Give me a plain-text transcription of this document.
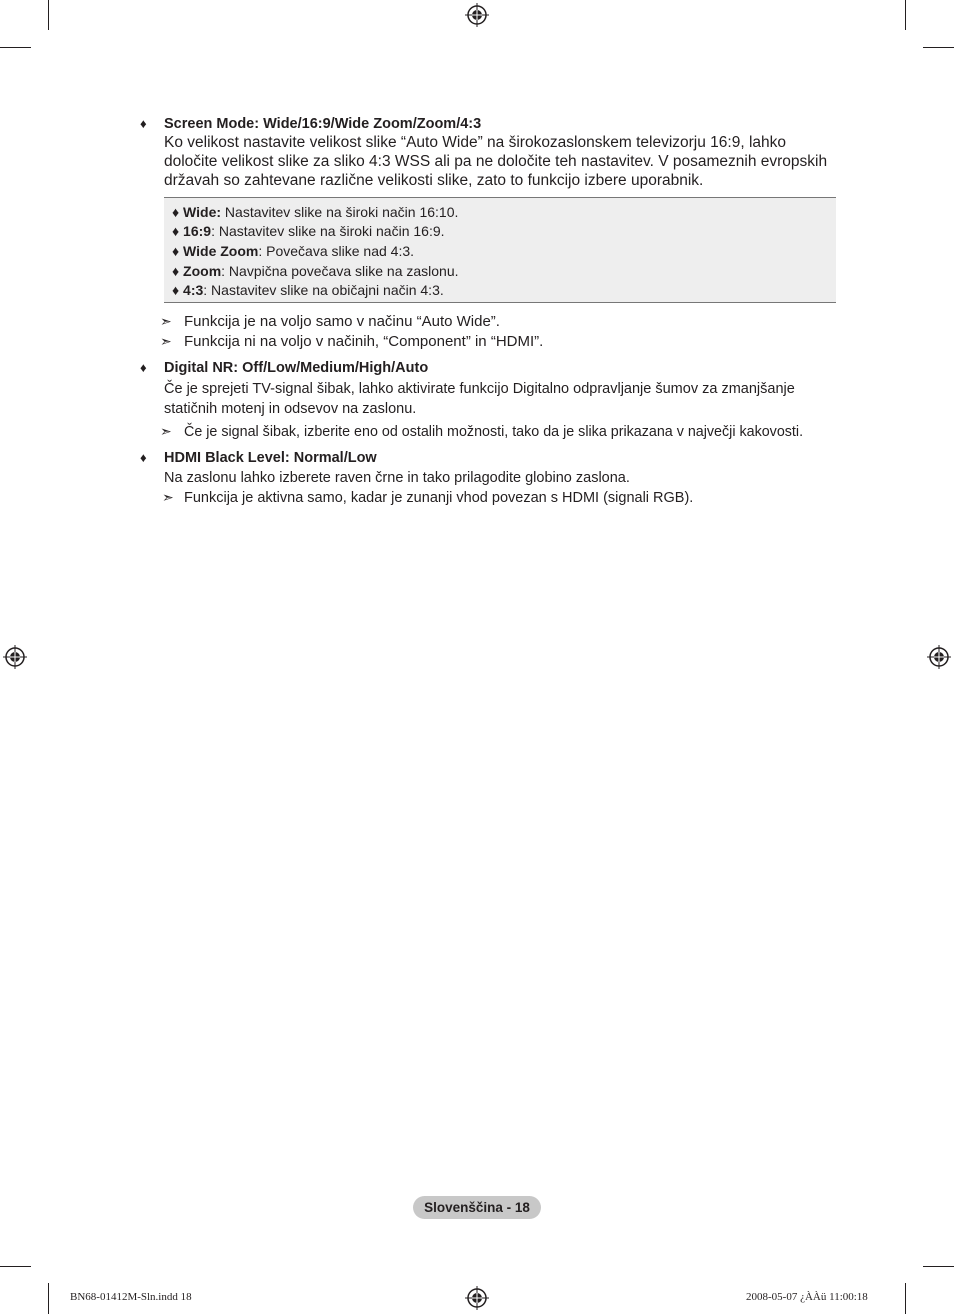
♦ Screen Mode: Wide/16:9/Wide Zoom/Zoom/4:3
Ko velikost nastavite velikost slike “Auto Wide” na širokozaslonskem televizorju 16:9, lahko
določite velikost slike za sliko 4:3 WSS ali pa ne določite teh nastavitev. V posameznih evropskih
državah so zahtevane različne velikosti slike, zato to funkcijo izbere uporabnik.
➣ Funkcija je na voljo samo v načinu “Auto Wide”.
➣ Funkcija ni na voljo v načinih, “Component” in “HDMI”.
♦ Wide: Nastavitev slike na široki način 16:10.
♦ 16:9: Nastavitev slike na široki način 16:9.
♦ Wide Zoom: Povečava slike nad 4:3.
♦ Zoom: Navpična povečava slike na zaslonu.
♦ 4:3: Nastavitev slike na običajni način 4:3.
♦ Digital NR: Off/Low/Medium/High/Auto
Če je sprejeti TV-signal šibak, lahko aktivirate funkcijo Digitalno odpravljanje šumov za zmanjšanje
statičnih motenj in odsevov na zaslonu.
➣ Če je signal šibak, izberite eno od ostalih možnosti, tako da je slika prikazana v največji kakovosti.
♦ HDMI Black Level: Normal/Low
Na zaslonu lahko izberete raven črne in tako prilagodite globino zaslona.
➣ Funkcija je aktivna samo, kadar je zunanji vhod povezan s HDMI (signali RGB).
Slovenščina - 18
BN68-01412M-Sln.indd 18	2008-05-07 ¿ÀÀü 11:00:18
